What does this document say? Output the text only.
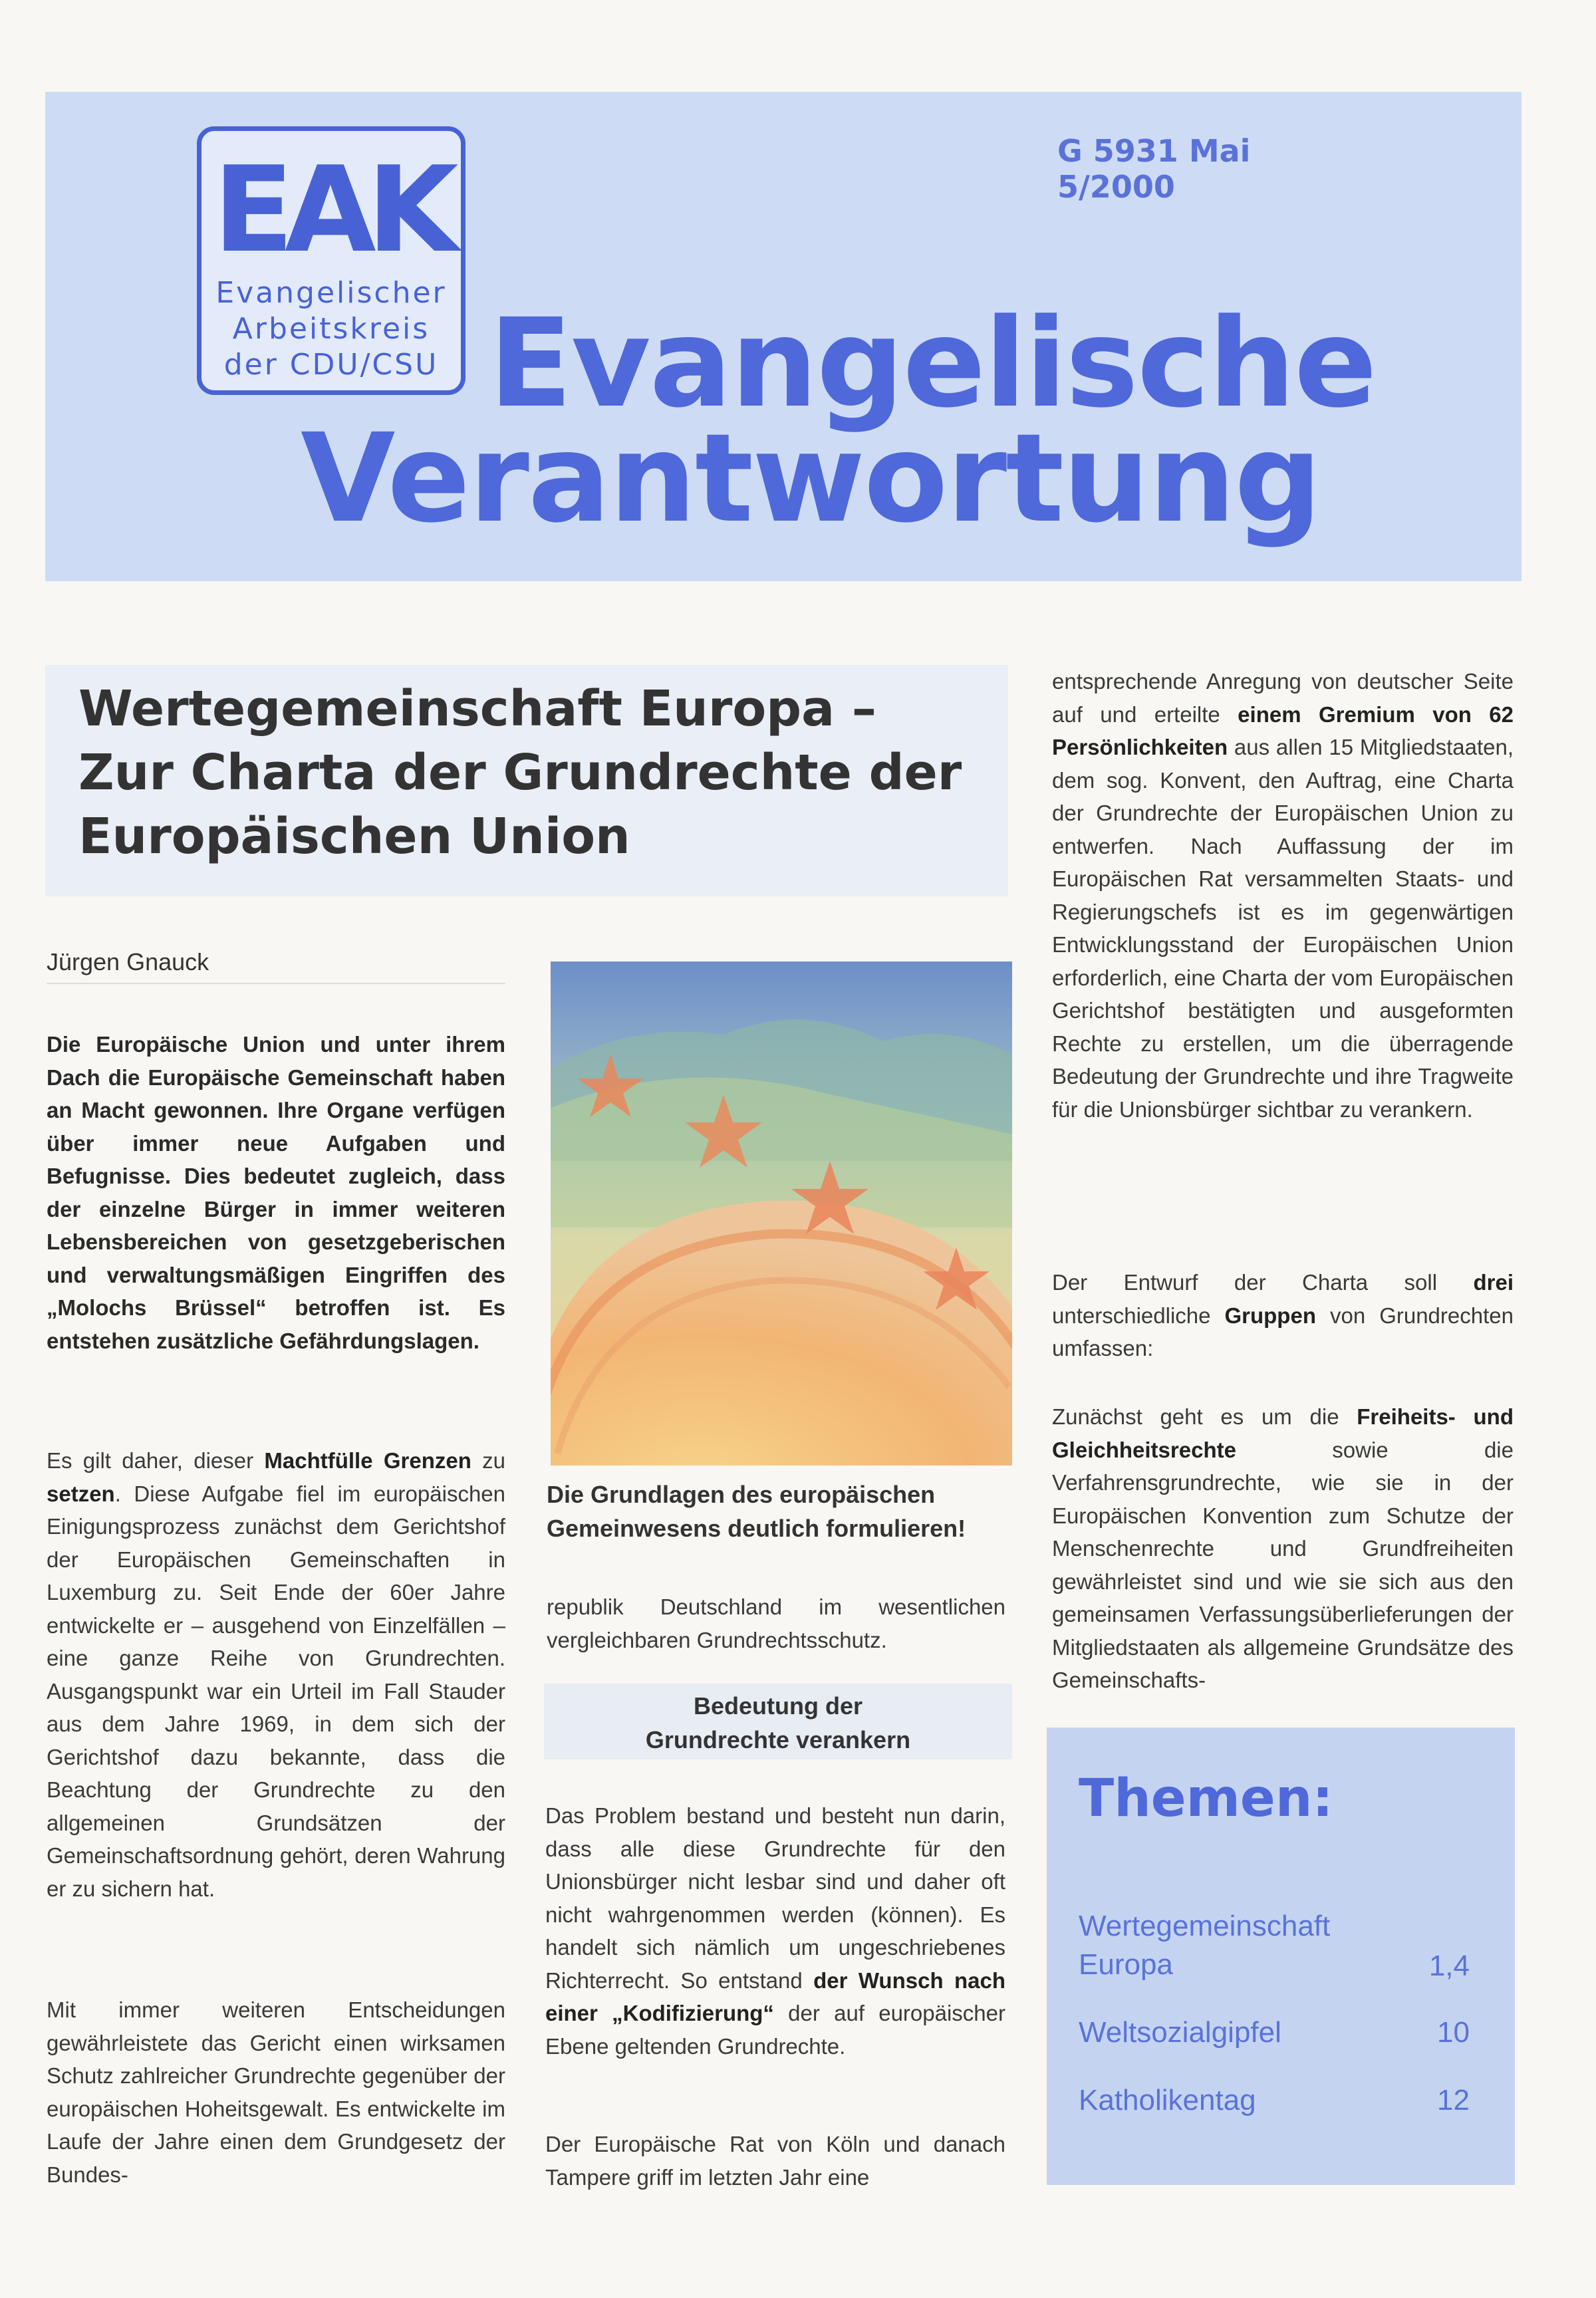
EAK
Evangelischer
Arbeitskreis
der CDU/CSU
G 5931 Mai 5/2000
Evangelische
Verantwortung
Wertegemeinschaft Europa –
Zur Charta der Grundrechte der
Europäischen Union
Jürgen Gnauck
Die Europäische Union und unter ihrem Dach die Europäische Gemeinschaft haben an Macht gewonnen. Ihre Organe verfügen über immer neue Aufgaben und Befugnisse. Dies bedeutet zugleich, dass der einzelne Bürger in immer weiteren Lebensbereichen von gesetzgeberischen und verwaltungsmäßigen Eingriffen des „Molochs Brüssel“ betroffen ist. Es entstehen zusätzliche Gefährdungslagen.
Es gilt daher, dieser Machtfülle Grenzen zu setzen. Diese Aufgabe fiel im europäischen Einigungsprozess zunächst dem Gerichtshof der Europäischen Gemeinschaften in Luxemburg zu. Seit Ende der 60er Jahre entwickelte er – ausgehend von Einzelfällen – eine ganze Reihe von Grundrechten. Ausgangspunkt war ein Urteil im Fall Stauder aus dem Jahre 1969, in dem sich der Gerichtshof dazu bekannte, dass die Beachtung der Grundrechte zu den allgemeinen Grundsätzen der Gemeinschaftsordnung gehört, deren Wahrung er zu sichern hat.
Mit immer weiteren Entscheidungen gewährleistete das Gericht einen wirksamen Schutz zahlreicher Grundrechte gegenüber der europäischen Hoheitsgewalt. Es entwickelte im Laufe der Jahre einen dem Grundgesetz der Bundes-
Die Grundlagen des europäischen Gemeinwesens deutlich formulieren!
republik Deutschland im wesentlichen vergleichbaren Grundrechtsschutz.
Bedeutung der
Grundrechte verankern
Das Problem bestand und besteht nun darin, dass alle diese Grundrechte für den Unionsbürger nicht lesbar sind und daher oft nicht wahrgenommen werden (können). Es handelt sich nämlich um ungeschriebenes Richterrecht. So entstand der Wunsch nach einer „Kodifizierung“ der auf europäischer Ebene geltenden Grundrechte.
Der Europäische Rat von Köln und danach Tampere griff im letzten Jahr eine
entsprechende Anregung von deutscher Seite auf und erteilte einem Gremium von 62 Persönlichkeiten aus allen 15 Mitgliedstaaten, dem sog. Konvent, den Auftrag, eine Charta der Grundrechte der Europäischen Union zu entwerfen. Nach Auffassung der im Europäischen Rat versammelten Staats- und Regierungschefs ist es im gegenwärtigen Entwicklungsstand der Europäischen Union erforderlich, eine Charta der vom Europäischen Gerichtshof bestätigten und ausgeformten Rechte zu erstellen, um die überragende Bedeutung der Grundrechte und ihre Tragweite für die Unionsbürger sichtbar zu verankern.
Der Entwurf der Charta soll drei unterschiedliche Gruppen von Grundrechten umfassen:
Zunächst geht es um die Freiheits- und Gleichheitsrechte sowie die Verfahrensgrundrechte, wie sie in der Europäischen Konvention zum Schutze der Menschenrechte und Grundfreiheiten gewährleistet sind und wie sie sich aus den gemeinsamen Verfassungsüberlieferungen der Mitgliedstaaten als allgemeine Grundsätze des Gemeinschafts-
Themen:
Wertegemeinschaft
Europa	1,4
Weltsozialgipfel	10
Katholikentag	12
